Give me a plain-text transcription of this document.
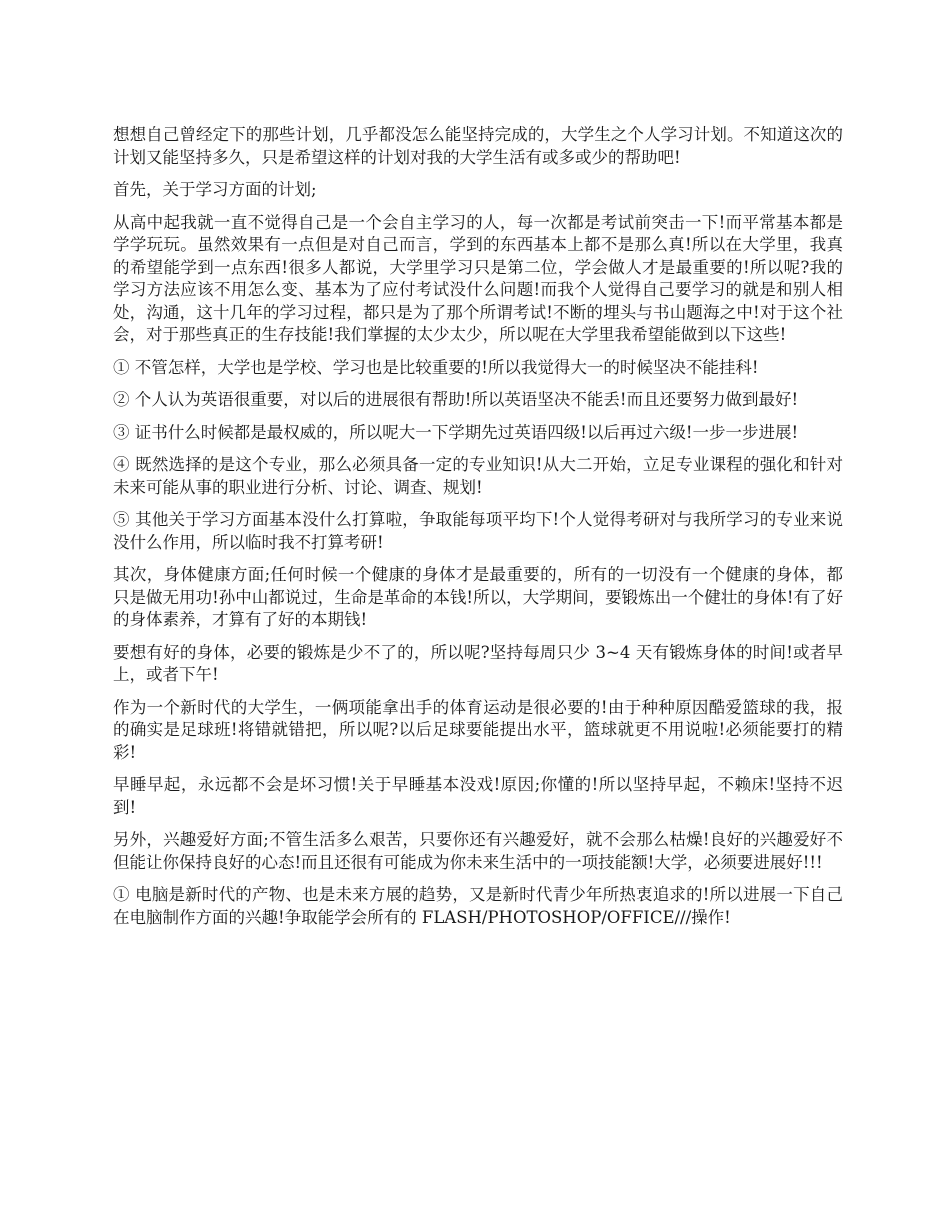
想想自己曾经定下的那些计划，几乎都没怎么能坚持完成的，大学生之个人学习计划。不知道这次的计划又能坚持多久，只是希望这样的计划对我的大学生活有或多或少的帮助吧!

首先，关于学习方面的计划;

从高中起我就一直不觉得自己是一个会自主学习的人，每一次都是考试前突击一下!而平常基本都是学学玩玩。虽然效果有一点但是对自己而言，学到的东西基本上都不是那么真!所以在大学里，我真的希望能学到一点东西!很多人都说，大学里学习只是第二位，学会做人才是最重要的!所以呢?我的学习方法应该不用怎么变、基本为了应付考试没什么问题!而我个人觉得自己要学习的就是和别人相处，沟通，这十几年的学习过程，都只是为了那个所谓考试!不断的埋头与书山题海之中!对于这个社会，对于那些真正的生存技能!我们掌握的太少太少，所以呢在大学里我希望能做到以下这些!

① 不管怎样，大学也是学校、学习也是比较重要的!所以我觉得大一的时候坚决不能挂科!

② 个人认为英语很重要，对以后的进展很有帮助!所以英语坚决不能丢!而且还要努力做到最好!

③ 证书什么时候都是最权威的，所以呢大一下学期先过英语四级!以后再过六级!一步一步进展!

④ 既然选择的是这个专业，那么必须具备一定的专业知识!从大二开始，立足专业课程的强化和针对未来可能从事的职业进行分析、讨论、调查、规划!

⑤ 其他关于学习方面基本没什么打算啦，争取能每项平均下!个人觉得考研对与我所学习的专业来说没什么作用，所以临时我不打算考研!

其次，身体健康方面;任何时候一个健康的身体才是最重要的，所有的一切没有一个健康的身体，都只是做无用功!孙中山都说过，生命是革命的本钱!所以，大学期间，要锻炼出一个健壮的身体!有了好的身体素养，才算有了好的本期钱!

要想有好的身体，必要的锻炼是少不了的，所以呢?坚持每周只少 3~4 天有锻炼身体的时间!或者早上，或者下午!

作为一个新时代的大学生，一俩项能拿出手的体育运动是很必要的!由于种种原因酷爱篮球的我，报的确实是足球班!将错就错把，所以呢?以后足球要能提出水平，篮球就更不用说啦!必须能要打的精彩!

早睡早起，永远都不会是坏习惯!关于早睡基本没戏!原因;你懂的!所以坚持早起，不赖床!坚持不迟到!

另外，兴趣爱好方面;不管生活多么艰苦，只要你还有兴趣爱好，就不会那么枯燥!良好的兴趣爱好不但能让你保持良好的心态!而且还很有可能成为你未来生活中的一项技能额!大学，必须要进展好!!!

① 电脑是新时代的产物、也是未来方展的趋势，又是新时代青少年所热衷追求的!所以进展一下自己在电脑制作方面的兴趣!争取能学会所有的 FLASH/PHOTOSHOP/OFFICE///操作!
